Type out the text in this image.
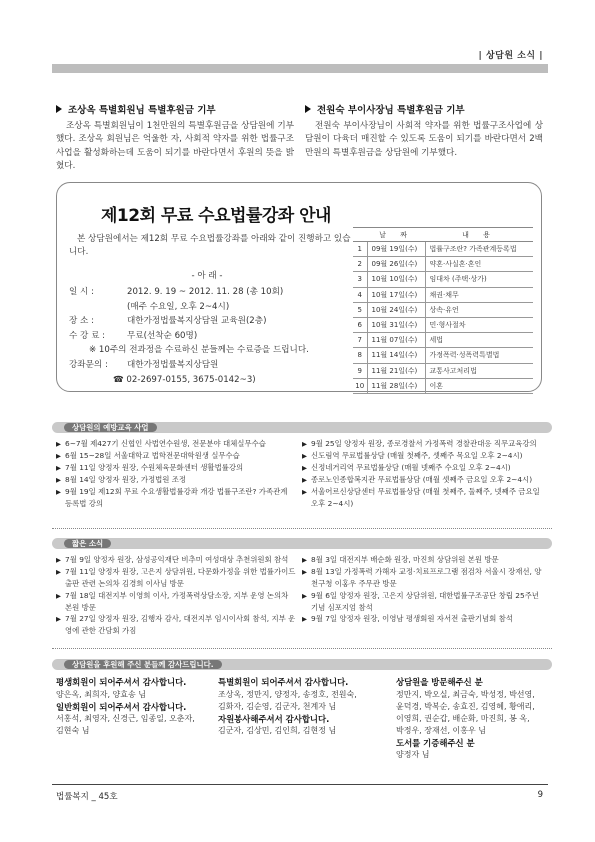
| 상담원 소식 |
조상옥 특별회원님 특별후원금 기부
조상옥 특별회원님이 1천만원의 특별후원금을 상담원에 기부했다. 조상옥 회원님은 억울한 자, 사회적 약자를 위한 법률구조사업을 활성화하는데 도움이 되기를 바란다면서 후원의 뜻을 밝혔다.
전원숙 부이사장님 특별후원금 기부
전원숙 부이사장님이 사회적 약자를 위한 법률구조사업에 상담원이 다육더 매진할 수 있도록 도움이 되기를 바란다면서 2백만원의 특별후원금을 상담원에 기부했다.
제12회 무료 수요법률강좌 안내
본 상담원에서는 제12회 무료 수요법률강좌를 아래와 같이 진행하고 있습니다.
- 아 래 -
일 시 :	2012. 9. 19 ~ 2012. 11. 28 (총 10회)
(매주 수요일, 오후 2~4시)
장 소 :	대한가정법률복지상담원 교육원(2층)
수 강 료 :	무료(선착순 60명)
※ 10주의 전과정을 수료하신 분들께는 수료증을 드립니다.
강좌문의 :	대한가정법률복지상담원
☎ 02-2697-0155, 3675-0142~3)
	날 짜	내 용
1	09월 19일(수)	법률구조란? 가족관계등록법
2	09월 26일(수)	약혼·사실혼·혼인
3	10월 10일(수)	임대차 (주택·상가)
4	10월 17일(수)	채권·채무
5	10월 24일(수)	상속·유언
6	10월 31일(수)	민·형사절차
7	11월 07일(수)	세법
8	11월 14일(수)	가정폭력·성폭력특별법
9	11월 21일(수)	교통사고처리법
10	11월 28일(수)	이혼
상담원의 예방교육 사업
▶ 6~7월 제427기 신협인 사법연수원생, 전문분야 대체실무수습
▶ 6월 15~28일 서울대학교 법학전문대학원생 실무수습
▶ 7월 11일 양정자 원장, 수원체육문화센터 생활법률강의
▶ 8월 14일 양정자 원장, 가정법원 조정
▶ 9월 19일 제12회 무료 수요생활법률강좌 개강 법률구조란? 가족관계등록법 강의
▶ 9월 25일 양정자 원장, 종로경찰서 가정폭력 경찰관대응 직무교육강의
▶ 신도림역 무료법률상담 (매월 첫째주, 셋째주 목요일 오후 2~4시)
▶ 신정네거리역 무료법률상담 (매월 넷째주 수요일 오후 2~4시)
▶ 종로노인종합복지관 무료법률상담 (매월 셋째주 금요일 오후 2~4시)
▶ 서울어르신상담센터 무료법률상담 (매월 첫째주, 둘째주, 넷째주 금요일 오후 2~4시)
짧은 소식
▶ 7월 9일 양정자 원장, 삼성공익재단 비추미 여성대상 추천위원회 참석
▶ 7월 11일 양정자 원장, 고은지 상담위원, 다문화가정을 위한 법률가이드 출판 관련 논의차 김경희 이사님 방문
▶ 7월 18일 대전지부 이영희 이사, 가정폭력상담소장, 지부 운영 논의차 본원 방문
▶ 7월 27일 양정자 원장, 김행자 감사, 대전지부 임시이사회 참석, 지부 운영에 관한 간담회 가짐
▶ 8월 3일 대전지부 배순화 원장, 마진희 상담위원 본원 방문
▶ 8월 13일 가정폭력 가해자 교정·치료프로그램 점검차 서울시 장재선, 양천구청 이홍우 주무관 방문
▶ 9월 6일 양정자 원장, 고은지 상담위원, 대한법률구조공단 창립 25주년 기념 심포지엄 참석
▶ 9월 7일 양정자 원장, 이영남 평생회원 자서전 출판기념회 참석
상담원을 후원해 주신 분들께 감사드립니다.
평생회원이 되어주셔서 감사합니다.
양은옥, 최희자, 양효송 님
일반회원이 되어주셔서 감사합니다.
서홍석, 최영자, 신경근, 임종일, 오춘자,
김현숙 님
특별회원이 되어주셔서 감사합니다.
조상옥, 정만지, 양정자, 송정호, 전원숙,
김화자, 김순영, 김군자, 천계자 님
자원봉사해주셔서 감사합니다.
김군자, 김상민, 김인희, 김현정 님
상담원을 방문해주신 분
정만지, 박오실, 최금숙, 박성정, 박선영,
윤덕경, 박복순, 송효진, 김영혜, 황애리,
이영희, 권순갑, 배순화, 마진희, 봉 옥,
박정우, 장재선, 이홍우 님
도서를 기증해주신 분
양정자 님
법률복지 _ 45호	9
